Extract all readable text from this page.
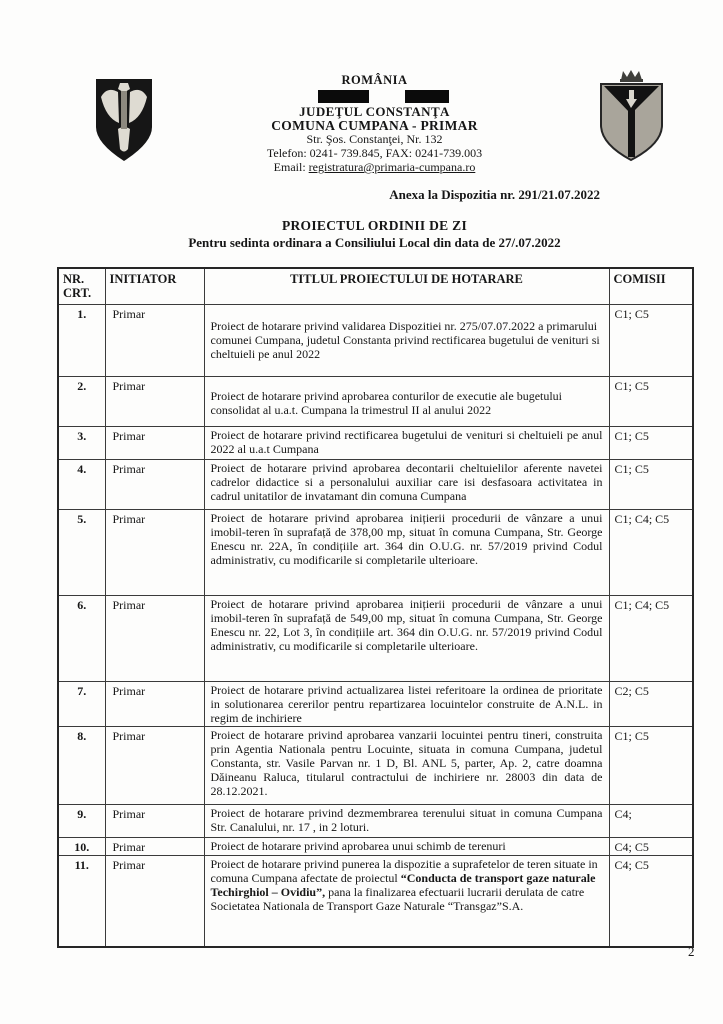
ROMÂNIA
JUDEŢUL CONSTANŢA
COMUNA CUMPANA - PRIMAR
Str. Şos. Constanţei, Nr. 132
Telefon: 0241- 739.845, FAX: 0241-739.003
Email: registratura@primaria-cumpana.ro
Anexa la Dispozitia nr. 291/21.07.2022
PROIECTUL ORDINII DE ZI
Pentru sedinta ordinara a Consiliului Local din data de 27/.07.2022
NR. CRT.	INITIATOR	TITLUL PROIECTULUI DE HOTARARE	COMISII
1.	Primar	Proiect de hotarare privind validarea Dispozitiei nr. 275/07.07.2022 a primarului comunei Cumpana, judetul Constanta privind rectificarea bugetului de venituri si cheltuieli pe anul 2022	C1; C5
2.	Primar	Proiect de hotarare privind aprobarea conturilor de executie ale bugetului consolidat al u.a.t. Cumpana la trimestrul II al anului 2022	C1; C5
3.	Primar	Proiect de hotarare privind rectificarea bugetului de venituri si cheltuieli pe anul 2022 al u.a.t Cumpana	C1; C5
4.	Primar	Proiect de hotarare privind aprobarea decontarii cheltuielilor aferente navetei cadrelor didactice si a personalului auxiliar care isi desfasoara activitatea in cadrul unitatilor de invatamant din comuna Cumpana	C1; C5
5.	Primar	Proiect de hotarare privind aprobarea inițierii procedurii de vânzare a unui imobil-teren în suprafață de 378,00 mp, situat în comuna Cumpana, Str. George Enescu nr. 22A, în condițiile art. 364 din O.U.G. nr. 57/2019 privind Codul administrativ, cu modificarile si completarile ulterioare.	C1; C4; C5
6.	Primar	Proiect de hotarare privind aprobarea inițierii procedurii de vânzare a unui imobil-teren în suprafață de 549,00 mp, situat în comuna Cumpana, Str. George Enescu nr. 22, Lot 3, în condițiile art. 364 din O.U.G. nr. 57/2019 privind Codul administrativ, cu modificarile si completarile ulterioare.	C1; C4; C5
7.	Primar	Proiect de hotarare privind actualizarea listei referitoare la ordinea de prioritate in solutionarea cererilor pentru repartizarea locuintelor construite de A.N.L. in regim de inchiriere	C2; C5
8.	Primar	Proiect de hotarare privind aprobarea vanzarii locuintei pentru tineri, construita prin Agentia Nationala pentru Locuinte, situata in comuna Cumpana, judetul Constanta, str. Vasile Parvan nr. 1 D, Bl. ANL 5, parter, Ap. 2, catre doamna Dăineanu Raluca, titularul contractului de inchiriere nr. 28003 din data de 28.12.2021.	C1; C5
9.	Primar	Proiect de hotarare privind dezmembrarea terenului situat in comuna Cumpana Str. Canalului, nr. 17 , in 2 loturi.	C4;
10.	Primar	Proiect de hotarare privind aprobarea unui schimb de terenuri	C4; C5
11.	Primar	Proiect de hotarare privind punerea la dispozitie a suprafetelor de teren situate in comuna Cumpana afectate de proiectul “Conducta de transport gaze naturale Techirghiol – Ovidiu”, pana la finalizarea efectuarii lucrarii derulata de catre Societatea Nationala de Transport Gaze Naturale “Transgaz”S.A.	C4; C5
2
